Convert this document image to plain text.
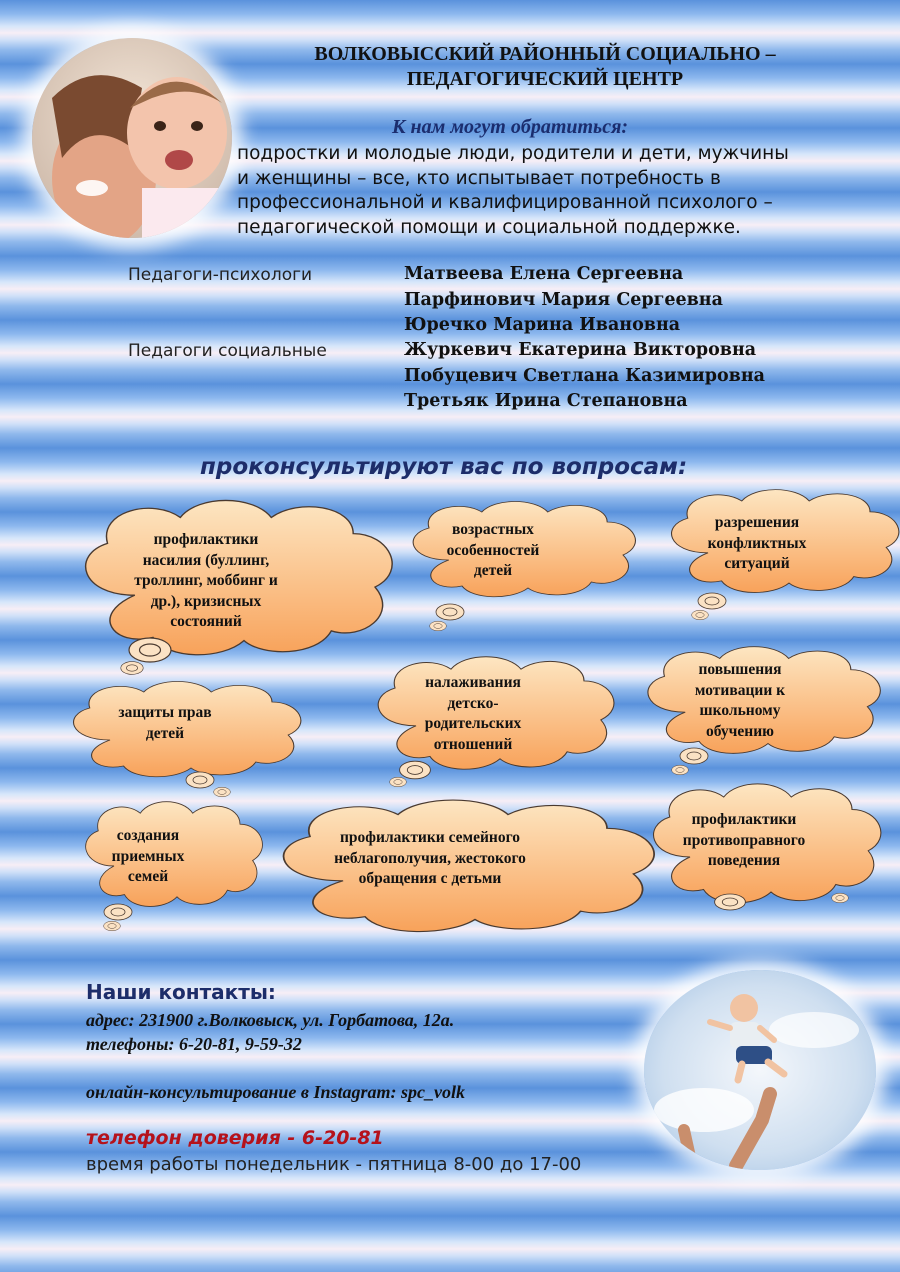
ВОЛКОВЫССКИЙ РАЙОННЫЙ СОЦИАЛЬНО –
ПЕДАГОГИЧЕСКИЙ ЦЕНТР
К нам могут обратиться:
подростки и молодые люди, родители и дети, мужчины
и женщины – все, кто испытывает потребность в
профессиональной и квалифицированной психолого –
педагогической помощи и социальной поддержке.
Педагоги-психологи	Матвеева Елена Сергеевна
Парфинович Мария Сергеевна
Юречко Марина Ивановна
Педагоги социальные	Журкевич Екатерина Викторовна
Побуцевич Светлана Казимировна
Третьяк Ирина Степановна
проконсультируют вас по вопросам:
профилактики
насилия (буллинг,
троллинг, моббинг и
др.), кризисных
состояний
возрастных
особенностей
детей
разрешения
конфликтных
ситуаций
защиты прав
детей
налаживания
детско-
родительских
отношений
повышения
мотивации к
школьному
обучению
создания
приемных
семей
профилактики семейного
неблагополучия, жестокого
обращения с детьми
профилактики
противоправного
поведения
Наши контакты:
адрес: 231900 г.Волковыск, ул. Горбатова, 12а.
телефоны: 6-20-81, 9-59-32
онлайн-консультирование в Instagram: spc_volk
телефон доверия - 6-20-81
время работы понедельник - пятница 8-00 до 17-00
